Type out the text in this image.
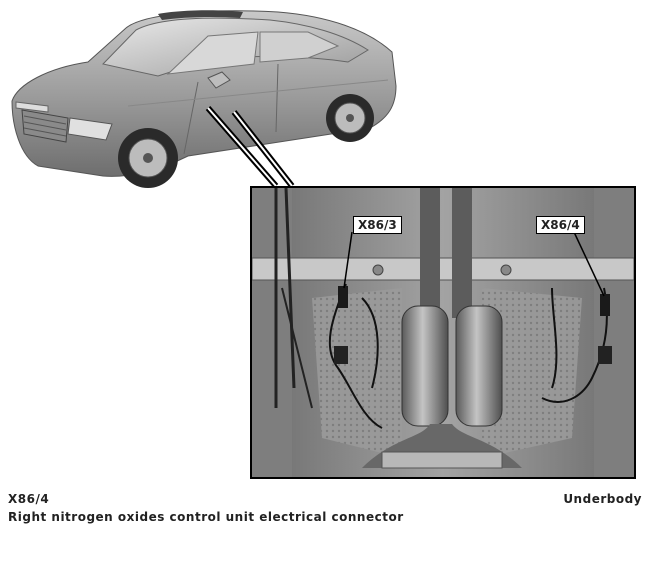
X86/3	X86/4
X86/4
Right nitrogen oxides control unit electrical connector
Underbody
